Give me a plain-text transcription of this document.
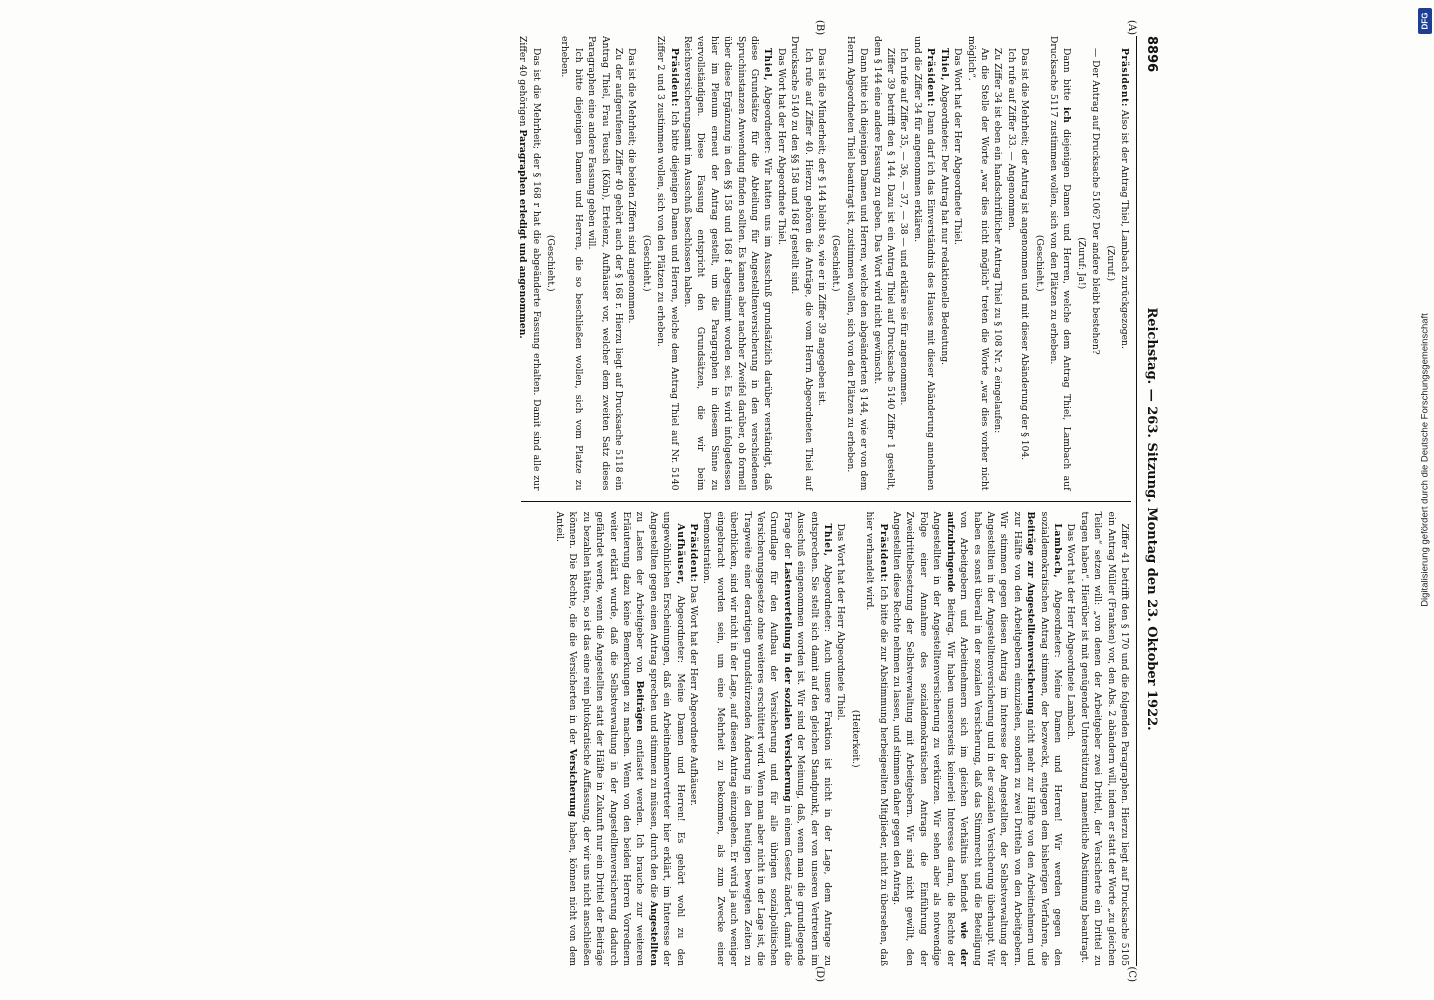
8896
Reichstag. — 263. Sitzung. Montag den 23. Oktober 1922.

Präsident: Also ist der Antrag Thiel, Lambach zurückgezogen.

(Zuruf.)

— Der Antrag auf Drucksache 5106? Der andere bleibt bestehen?

(Zuruf: Ja!)

Dann bitte ich diejenigen Damen und Herren, welche dem Antrag Thiel, Lambach auf Drucksache 5117 zustimmen wollen, sich von den Plätzen zu erheben.

(Geschieht.)

Das ist die Mehrheit; der Antrag ist angenommen und mit dieser Abänderung der § 104.

Ich rufe auf Ziffer 33. — Angenommen.

Zu Ziffer 34 ist eben ein handschriftlicher Antrag Thiel zu § 108 Nr. 2 eingelaufen:

An die Stelle der Worte „war dies nicht möglich“ treten die Worte „war dies vorher nicht möglich“.

Das Wort hat der Herr Abgeordnete Thiel.

Thiel, Abgeordneter: Der Antrag hat nur redaktionelle Bedeutung.

Präsident: Dann darf ich das Einverständnis des Hauses mit dieser Abänderung annehmen und die Ziffer 34 für angenommen erklären.

Ich rufe auf Ziffer 35, — 36, — 37, — 38 — und erkläre sie für angenommen.

Ziffer 39 betrifft den § 144. Dazu ist ein Antrag Thiel auf Drucksache 5140 Ziffer 1 gestellt, dem § 144 eine andere Fassung zu geben. Das Wort wird nicht gewünscht.

Dann bitte ich diejenigen Damen und Herren, welche den abgeänderten § 144, wie er von dem Herrn Abgeordneten Thiel beantragt ist, zustimmen wollen, sich von den Plätzen zu erheben.

(Geschieht.)

Das ist die Minderheit; der § 144 bleibt so, wie er in Ziffer 39 angegeben ist.

Ich rufe auf Ziffer 40. Hierzu gehören die Anträge, die vom Herrn Abgeordneten Thiel auf Drucksache 5140 zu den §§ 158 und 168 f gestellt sind.

Das Wort hat der Herr Abgeordnete Thiel.

Thiel, Abgeordneter: Wir hatten uns im Ausschuß grundsätzlich darüber verständigt, daß diese Grundsätze für die Abteilung für Angestelltenversicherung in den verschiedenen Spruchinstanzen Anwendung finden sollten. Es kamen aber nachher Zweifel darüber, ob formell über diese Ergänzung in den §§ 158 und 168 f abgestimmt worden sei. Es wird infolgedessen hier im Plenum erneut der Antrag gestellt, um die Paragraphen in diesem Sinne zu vervollständigen. Diese Fassung entspricht den Grundsätzen, die wir beim Reichsversicherungsamt im Ausschuß beschlossen haben.

Präsident: Ich bitte diejenigen Damen und Herren, welche dem Antrag Thiel auf Nr. 5140 Ziffer 2 und 3 zustimmen wollen, sich von den Plätzen zu erheben.

(Geschieht.)

Das ist die Mehrheit; die beiden Ziffern sind angenommen.

Zu der aufgerufenen Ziffer 40 gehört auch der § 168 r. Hierzu liegt auf Drucksache 5118 ein Antrag Thiel, Frau Teusch (Köln), Ertelenz, Aufhäuser vor, welcher dem zweiten Satz dieses Paragraphen eine andere Fassung geben will.

Ich bitte diejenigen Damen und Herren, die so beschließen wollen, sich vom Platze zu erheben.

(Geschieht.)

Das ist die Mehrheit; der § 168 r hat die abgeänderte Fassung erhalten. Damit sind alle zur Ziffer 40 gehörigen Paragraphen erledigt und angenommen.

Ziffer 41 betrifft den § 170 und die folgenden Paragraphen. Hierzu liegt auf Drucksache 5105 ein Antrag Müller (Franken) vor, den Abs. 2 abändern will, indem er statt der Worte „zu gleichen Teilen“ setzen will: „von denen der Arbeitgeber zwei Drittel, der Versicherte ein Drittel zu tragen haben“. Hierüber ist mit genügender Unterstützung namentliche Abstimmung beantragt.

Das Wort hat der Herr Abgeordnete Lambach.

Lambach, Abgeordneter: Meine Damen und Herren! Wir werden gegen den sozialdemokratischen Antrag stimmen, der bezweckt, entgegen dem bisherigen Verfahren, die Beiträge zur Angestelltenversicherung nicht mehr zur Hälfte von den Arbeitnehmern und zur Hälfte von den Arbeitgebern einzuziehen, sondern zu zwei Dritteln von den Arbeitgebern. Wir stimmen gegen diesen Antrag im Interesse der Angestellten, der Selbstverwaltung der Angestellten in der Angestelltenversicherung und in der sozialen Versicherung überhaupt. Wir haben es sonst überall in der sozialen Versicherung, daß das Stimmrecht und die Beteiligung von Arbeitgebern und Arbeitnehmern sich im gleichen Verhältnis befindet wie der aufzubringende Beitrag. Wir haben unsererseits keinerlei Interesse daran, die Rechte der Angestellten in der Angestelltenversicherung zu verkürzen. Wir sehen aber als notwendige Folge einer Annahme des sozialdemokratischen Antrags die Einführung der Zweidrittelbesetzung der Selbstverwaltung mit Arbeitgebern. Wir sind nicht gewillt, den Angestellten diese Rechte nehmen zu lassen, und stimmen daher gegen den Antrag.

Präsident: Ich bitte die zur Abstimmung herbeigeeilten Mitglieder, nicht zu übersehen, daß hier verhandelt wird.

(Heiterkeit.)

Das Wort hat der Herr Abgeordnete Thiel.

Thiel, Abgeordneter: Auch unsere Fraktion ist nicht in der Lage, dem Antrage zu entsprechen. Sie stellt sich damit auf den gleichen Standpunkt, der von unseren Vertretern im Ausschuß eingenommen worden ist. Wir sind der Meinung, daß, wenn man die grundlegende Frage der Lastenverteilung in der sozialen Versicherung in einem Gesetz ändert, damit die Grundlage für den Aufbau der Versicherung und für alle übrigen sozialpolitischen Versicherungsgesetze ohne weiteres erschüttert wird. Wenn man aber nicht in der Lage ist, die Tragweite einer derartigen grundstürzenden Änderung in den heutigen bewegten Zeiten zu überblicken, sind wir nicht in der Lage, auf diesen Antrag einzugehen. Er wird ja auch weniger eingebracht worden sein, um eine Mehrheit zu bekommen, als zum Zwecke einer Demonstration.

Präsident: Das Wort hat der Herr Abgeordnete Aufhäuser.

Aufhäuser, Abgeordneter: Meine Damen und Herren! Es gehört wohl zu den ungewöhnlichen Erscheinungen, daß ein Arbeitnehmervertreter hier erklärt, im Interesse der Angestellten gegen einen Antrag sprechen und stimmen zu müssen, durch den die Angestellten zu Lasten der Arbeitgeber von Beiträgen entlastet werden. Ich brauche zur weiteren Erläuterung dazu keine Bemerkungen zu machen. Wenn von den beiden Herren Vorrednern weiter erklärt wurde, daß die Selbstverwaltung in der Angestelltenversicherung dadurch gefährdet werde, wenn die Angestellten statt der Hälfte in Zukunft nur ein Drittel der Beiträge zu bezahlen hätten, so ist das eine rein plutokratische Auffassung, der wir uns nicht anschließen können. Die Rechte, die die Versicherten in der Versicherung haben, können nicht von dem Anteil.

(A)
(B)
(C)
(D)
DFG
Digitalisierung gefördert durch die Deutsche Forschungsgemeinschaft
